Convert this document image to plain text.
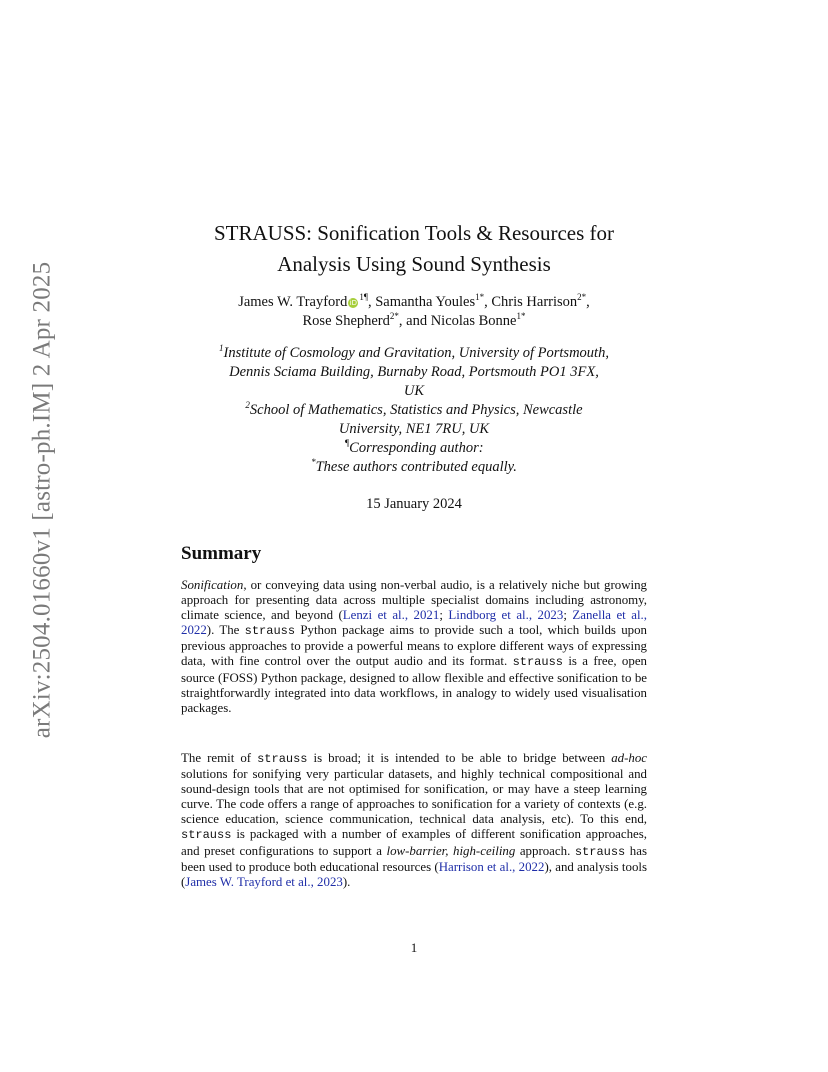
arXiv:2504.01660v1 [astro-ph.IM] 2 Apr 2025
STRAUSS: Sonification Tools & Resources for
Analysis Using Sound Synthesis
James W. Trayford $iD^{1\P}$, Samantha Youles$^{1*}$, Chris Harrison$^{2*}$,
Rose Shepherd$^{2*}$, and Nicolas Bonne$^{1*}$
$^1$Institute of Cosmology and Gravitation, University of Portsmouth,
Dennis Sciama Building, Burnaby Road, Portsmouth PO1 3FX,
UK
$^2$School of Mathematics, Statistics and Physics, Newcastle
University, NE1 7RU, UK
¶Corresponding author:
*These authors contributed equally.
15 January 2024
Summary

Sonification, or conveying data using non-verbal audio, is a relatively niche but growing approach for presenting data across multiple specialist domains including astronomy, climate science, and beyond (Lenzi et al., 2021; Lindborg et al., 2023; Zanella et al., 2022). The strauss Python package aims to provide such a tool, which builds upon previous approaches to provide a powerful means to explore different ways of expressing data, with fine control over the output audio and its format. strauss is a free, open source (FOSS) Python package, designed to allow flexible and effective sonification to be straightforwardly integrated into data workflows, in analogy to widely used visualisation packages.

The remit of strauss is broad; it is intended to be able to bridge between ad-hoc solutions for sonifying very particular datasets, and highly technical compositional and sound-design tools that are not optimised for sonification, or may have a steep learning curve. The code offers a range of approaches to sonification for a variety of contexts (e.g. science education, science communication, technical data analysis, etc). To this end, strauss is packaged with a number of examples of different sonification approaches, and preset configurations to support a low-barrier, high-ceiling approach. strauss has been used to produce both educational resources (Harrison et al., 2022), and analysis tools (James W. Trayford et al., 2023).

1
